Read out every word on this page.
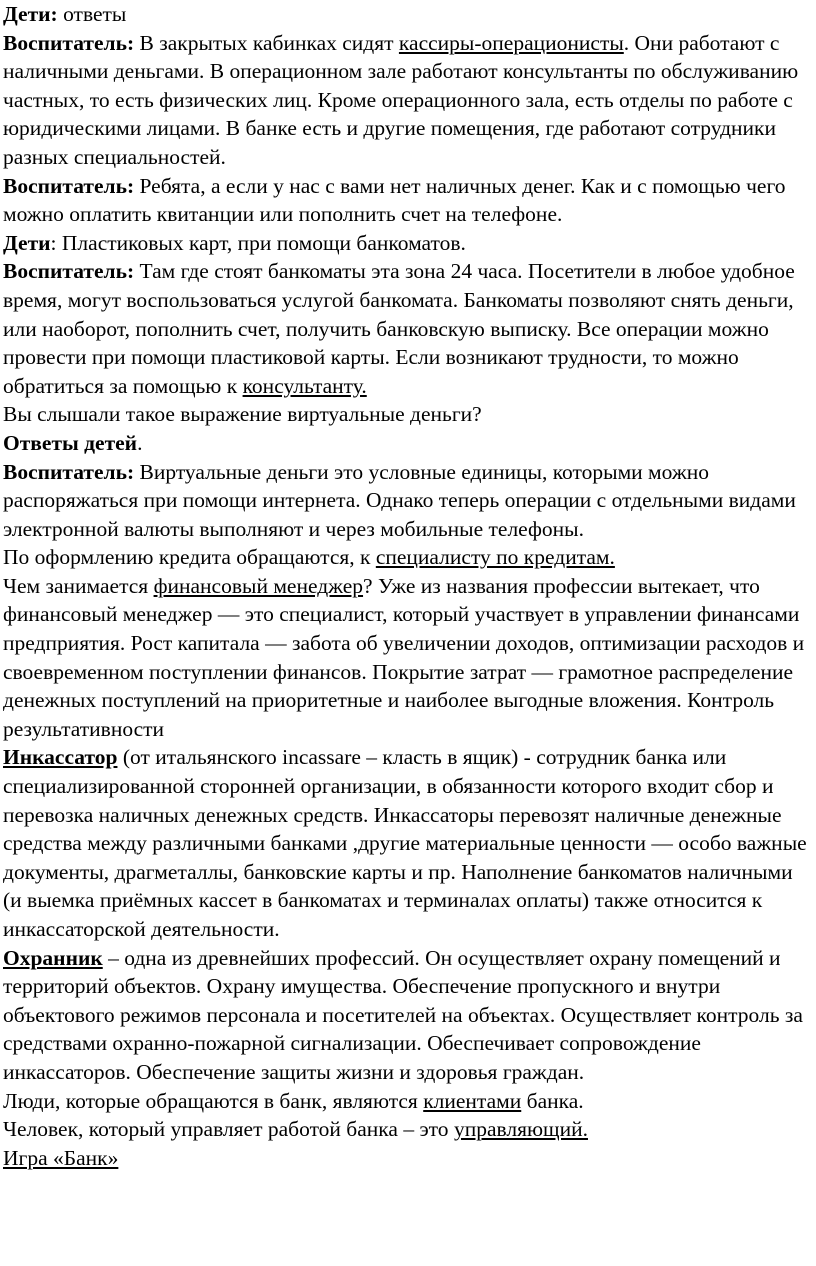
Дети: ответы

Воспитатель: В закрытых кабинках сидят кассиры-операционисты. Они работают с наличными деньгами. В операционном зале работают консультанты по обслуживанию частных, то есть физических лиц. Кроме операционного зала, есть отделы по работе с юридическими лицами. В банке есть и другие помещения, где работают сотрудники разных специальностей.

Воспитатель: Ребята, а если у нас с вами нет наличных денег. Как и с помощью чего можно оплатить квитанции или пополнить счет на телефоне.

Дети: Пластиковых карт, при помощи банкоматов.

Воспитатель: Там где стоят банкоматы эта зона 24 часа. Посетители в любое удобное время, могут воспользоваться услугой банкомата. Банкоматы позволяют снять деньги, или наоборот, пополнить счет, получить банковскую выписку. Все операции можно провести при помощи пластиковой карты. Если возникают трудности, то можно обратиться за помощью к консультанту.

Вы слышали такое выражение виртуальные деньги?

Ответы детей.

Воспитатель: Виртуальные деньги это условные единицы, которыми можно распоряжаться при помощи интернета. Однако теперь операции с отдельными видами электронной валюты выполняют и через мобильные телефоны.

По оформлению кредита обращаются, к специалисту по кредитам.

Чем занимается финансовый менеджер? Уже из названия профессии вытекает, что финансовый менеджер — это специалист, который участвует в управлении финансами предприятия. Рост капитала — забота об увеличении доходов, оптимизации расходов и своевременном поступлении финансов. Покрытие затрат — грамотное распределение денежных поступлений на приоритетные и наиболее выгодные вложения. Контроль результативности

Инкассатор (от итальянского incassare – класть в ящик) - сотрудник банка или специализированной сторонней организации, в обязанности которого входит сбор и перевозка наличных денежных средств. Инкассаторы перевозят наличные денежные средства между различными банками ,другие материальные ценности — особо важные документы, драгметаллы, банковские карты и пр. Наполнение банкоматов наличными (и выемка приёмных кассет в банкоматах и терминалах оплаты) также относится к инкассаторской деятельности.

Охранник – одна из древнейших профессий. Он осуществляет охрану помещений и территорий объектов. Охрану имущества. Обеспечение пропускного и внутри объектового режимов персонала и посетителей на объектах. Осуществляет контроль за средствами охранно-пожарной сигнализации. Обеспечивает сопровождение инкассаторов. Обеспечение защиты жизни и здоровья граждан.

Люди, которые обращаются в банк, являются клиентами банка.

Человек, который управляет работой банка – это управляющий.

Игра «Банк»
